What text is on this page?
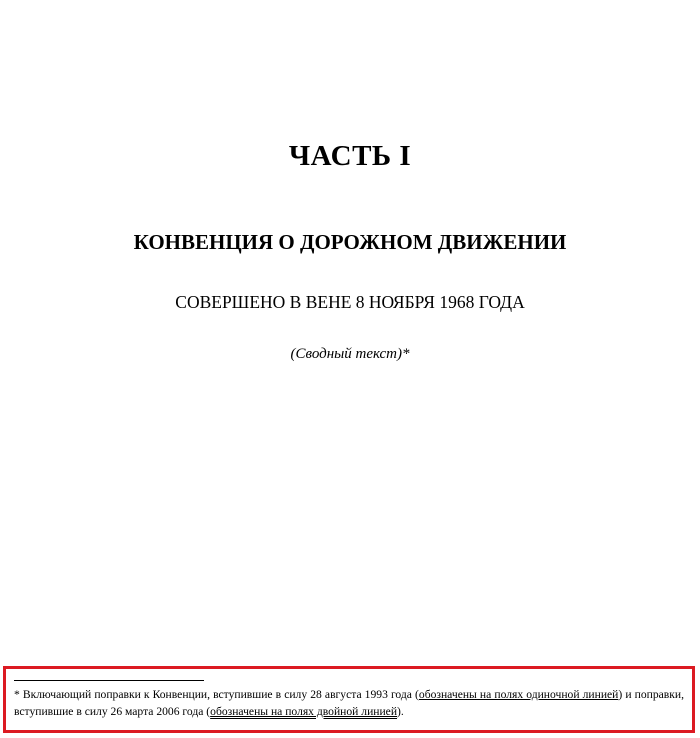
ЧАСТЬ I
КОНВЕНЦИЯ О ДОРОЖНОМ ДВИЖЕНИИ
СОВЕРШЕНО В ВЕНЕ 8 НОЯБРЯ 1968 ГОДА
(Сводный текст)*
* Включающий поправки к Конвенции, вступившие в силу 28 августа 1993 года (обозначены на полях одиночной линией) и поправки, вступившие в силу 26 марта 2006 года (обозначены на полях двойной линией).
